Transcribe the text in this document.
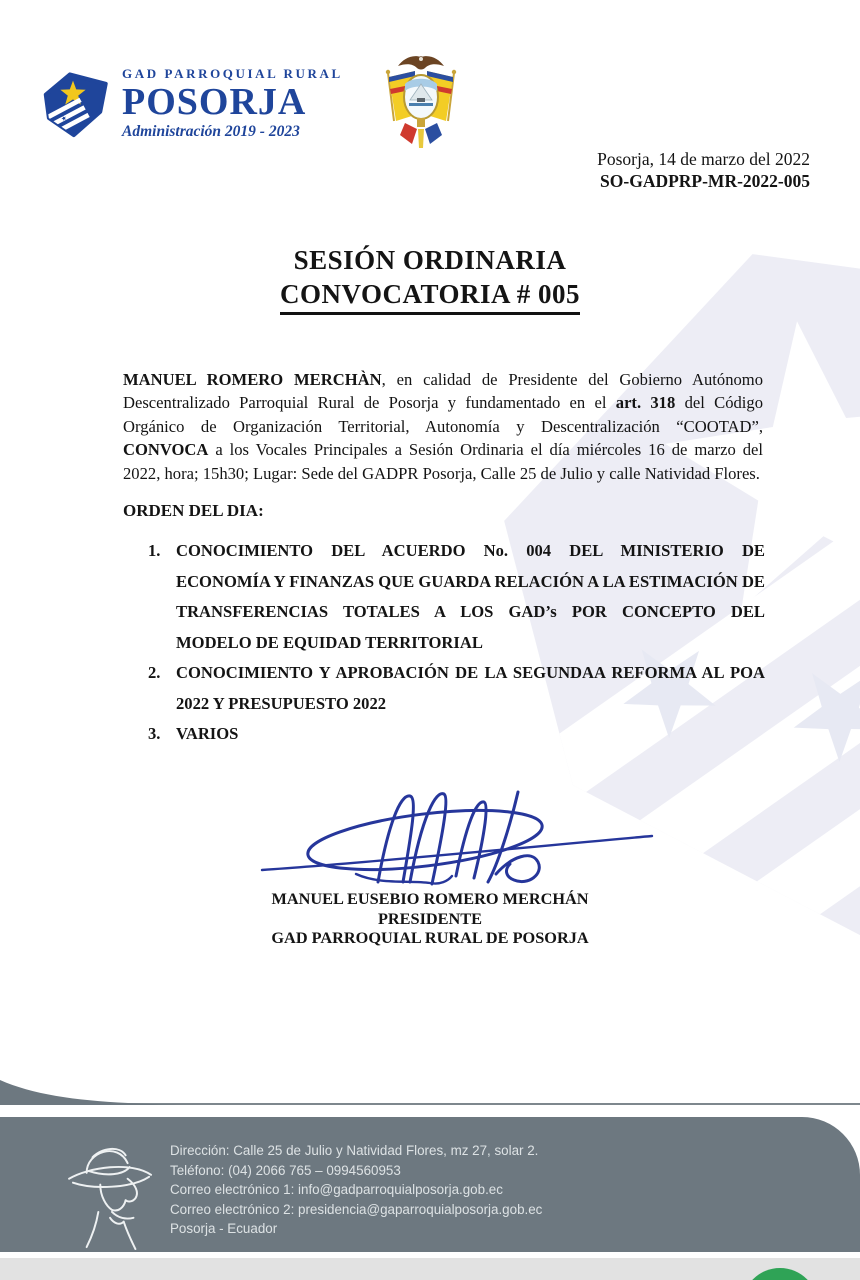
GAD PARROQUIAL RURAL
POSORJA
Administración 2019 - 2023
Posorja, 14 de marzo del 2022
SO-GADPRP-MR-2022-005
SESIÓN ORDINARIA
CONVOCATORIA # 005

MANUEL ROMERO MERCHÀN, en calidad de Presidente del Gobierno Autónomo Descentralizado Parroquial Rural de Posorja y fundamentado en el art. 318 del Código Orgánico de Organización Territorial, Autonomía y Descentralización “COOTAD”, CONVOCA a los Vocales Principales a Sesión Ordinaria el día miércoles 16 de marzo del 2022, hora; 15h30; Lugar: Sede del GADPR Posorja, Calle 25 de Julio y calle Natividad Flores.

ORDEN DEL DIA:
1. CONOCIMIENTO DEL ACUERDO No. 004 DEL MINISTERIO DE ECONOMÍA Y FINANZAS QUE GUARDA RELACIÓN A LA ESTIMACIÓN DE TRANSFERENCIAS TOTALES A LOS GAD’s POR CONCEPTO DEL MODELO DE EQUIDAD TERRITORIAL
2. CONOCIMIENTO Y APROBACIÓN DE LA SEGUNDAA REFORMA AL POA 2022 Y PRESUPUESTO 2022
3. VARIOS
MANUEL EUSEBIO ROMERO MERCHÁN
PRESIDENTE
GAD PARROQUIAL RURAL DE POSORJA
Dirección: Calle 25 de Julio y Natividad Flores, mz 27, solar 2.
Teléfono: (04) 2066 765 – 0994560953
Correo electrónico 1: info@gadparroquialposorja.gob.ec
Correo electrónico 2: presidencia@gaparroquialposorja.gob.ec
Posorja - Ecuador
